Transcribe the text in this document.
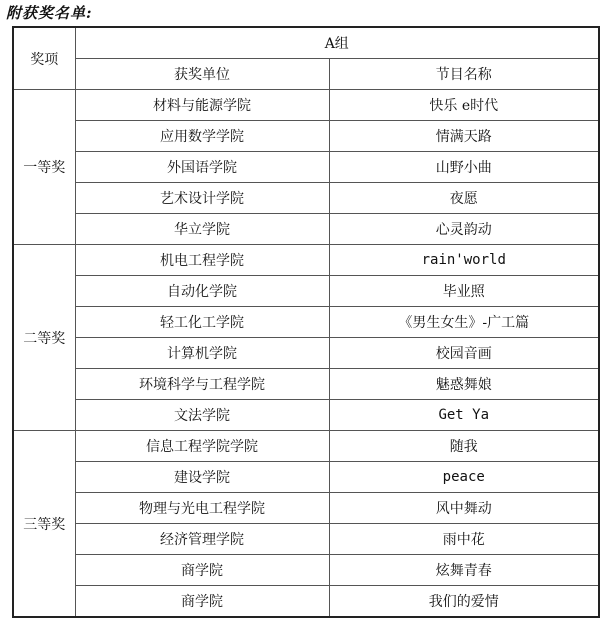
附获奖名单:
奖项	A组	
	获奖单位	节目名称
一等奖	材料与能源学院	快乐 e时代
	应用数学学院	情满天路
	外国语学院	山野小曲
	艺术设计学院	夜愿
	华立学院	心灵韵动
二等奖	机电工程学院	rain'world
	自动化学院	毕业照
	轻工化工学院	《男生女生》-广工篇
	计算机学院	校园音画
	环境科学与工程学院	魅惑舞娘
	文法学院	Get Ya
三等奖	信息工程学院学院	随我
	建设学院	peace
	物理与光电工程学院	风中舞动
	经济管理学院	雨中花
	商学院	炫舞青春
	商学院	我们的爱情
